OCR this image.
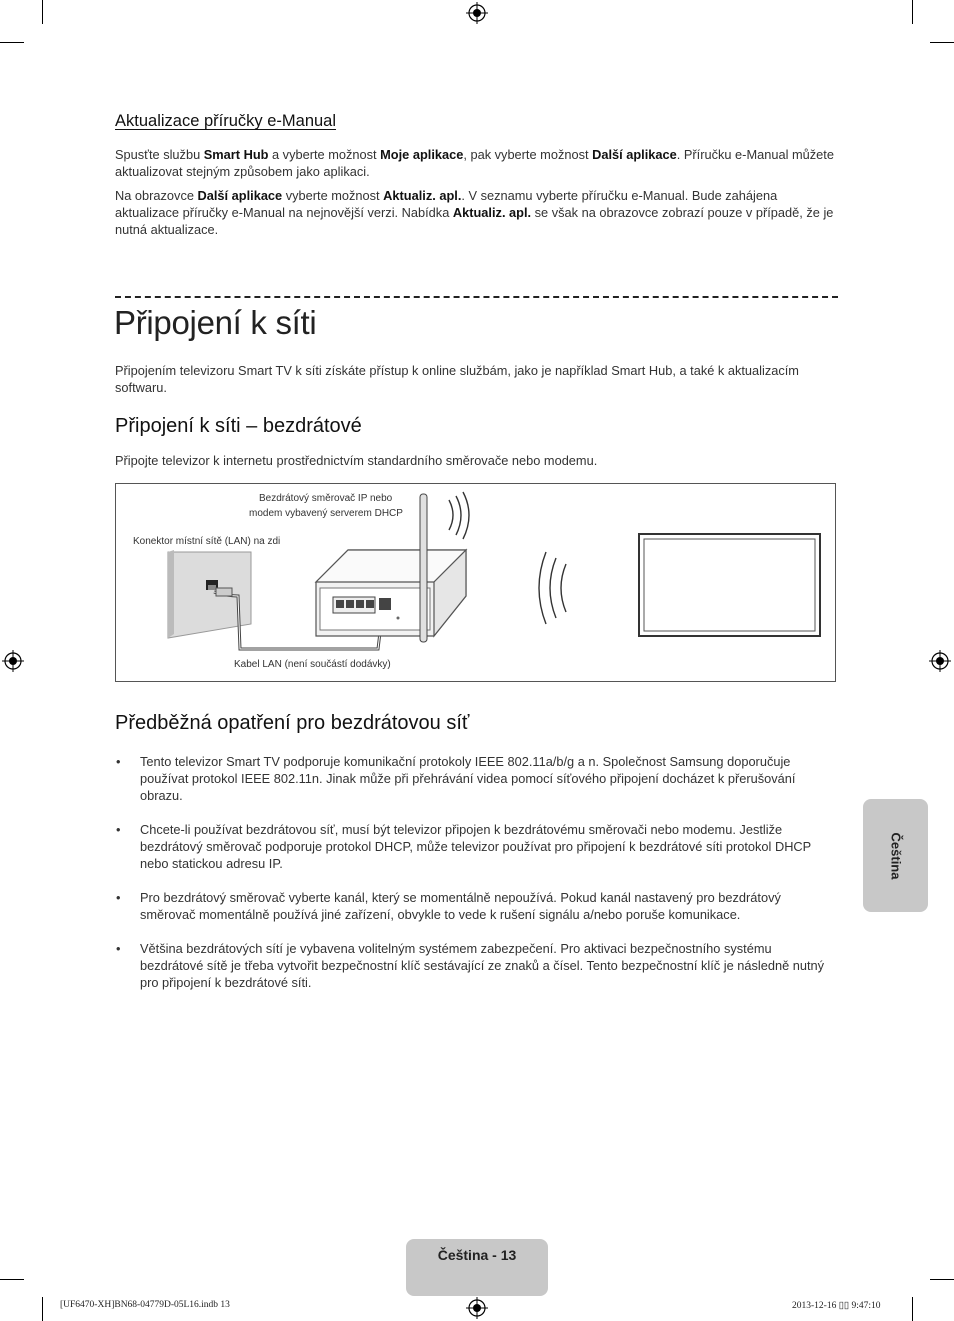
Aktualizace příručky e-Manual
Spusťte službu Smart Hub a vyberte možnost Moje aplikace, pak vyberte možnost Další aplikace. Příručku e-Manual můžete aktualizovat stejným způsobem jako aplikaci.
Na obrazovce Další aplikace vyberte možnost Aktualiz. apl.. V seznamu vyberte příručku e-Manual. Bude zahájena aktualizace příručky e-Manual na nejnovější verzi. Nabídka Aktualiz. apl. se však na obrazovce zobrazí pouze v případě, že je nutná aktualizace.
Připojení k síti
Připojením televizoru Smart TV k síti získáte přístup k online službám, jako je například Smart Hub, a také k aktualizacím softwaru.
Připojení k síti – bezdrátové
Připojte televizor k internetu prostřednictvím standardního směrovače nebo modemu.
Bezdrátový směrovač IP nebo
modem vybavený serverem DHCP
Konektor místní sítě (LAN) na zdi
Kabel LAN (není součástí dodávky)
Předběžná opatření pro bezdrátovou síť
• Tento televizor Smart TV podporuje komunikační protokoly IEEE 802.11a/b/g a n. Společnost Samsung doporučuje používat protokol IEEE 802.11n. Jinak může při přehrávání videa pomocí síťového připojení docházet k přerušování obrazu.
• Chcete-li používat bezdrátovou síť, musí být televizor připojen k bezdrátovému směrovači nebo modemu. Jestliže bezdrátový směrovač podporuje protokol DHCP, může televizor používat pro připojení k bezdrátové síti protokol DHCP nebo statickou adresu IP.
• Pro bezdrátový směrovač vyberte kanál, který se momentálně nepoužívá. Pokud kanál nastavený pro bezdrátový směrovač momentálně používá jiné zařízení, obvykle to vede k rušení signálu a/nebo poruše komunikace.
• Většina bezdrátových sítí je vybavena volitelným systémem zabezpečení. Pro aktivaci bezpečnostního systému bezdrátové sítě je třeba vytvořit bezpečnostní klíč sestávající ze znaků a čísel. Tento bezpečnostní klíč je následně nutný pro připojení k bezdrátové síti.
Čeština
Čeština - 13
[UF6470-XH]BN68-04779D-05L16.indb 13	2013-12-16 ▯▯ 9:47:10
